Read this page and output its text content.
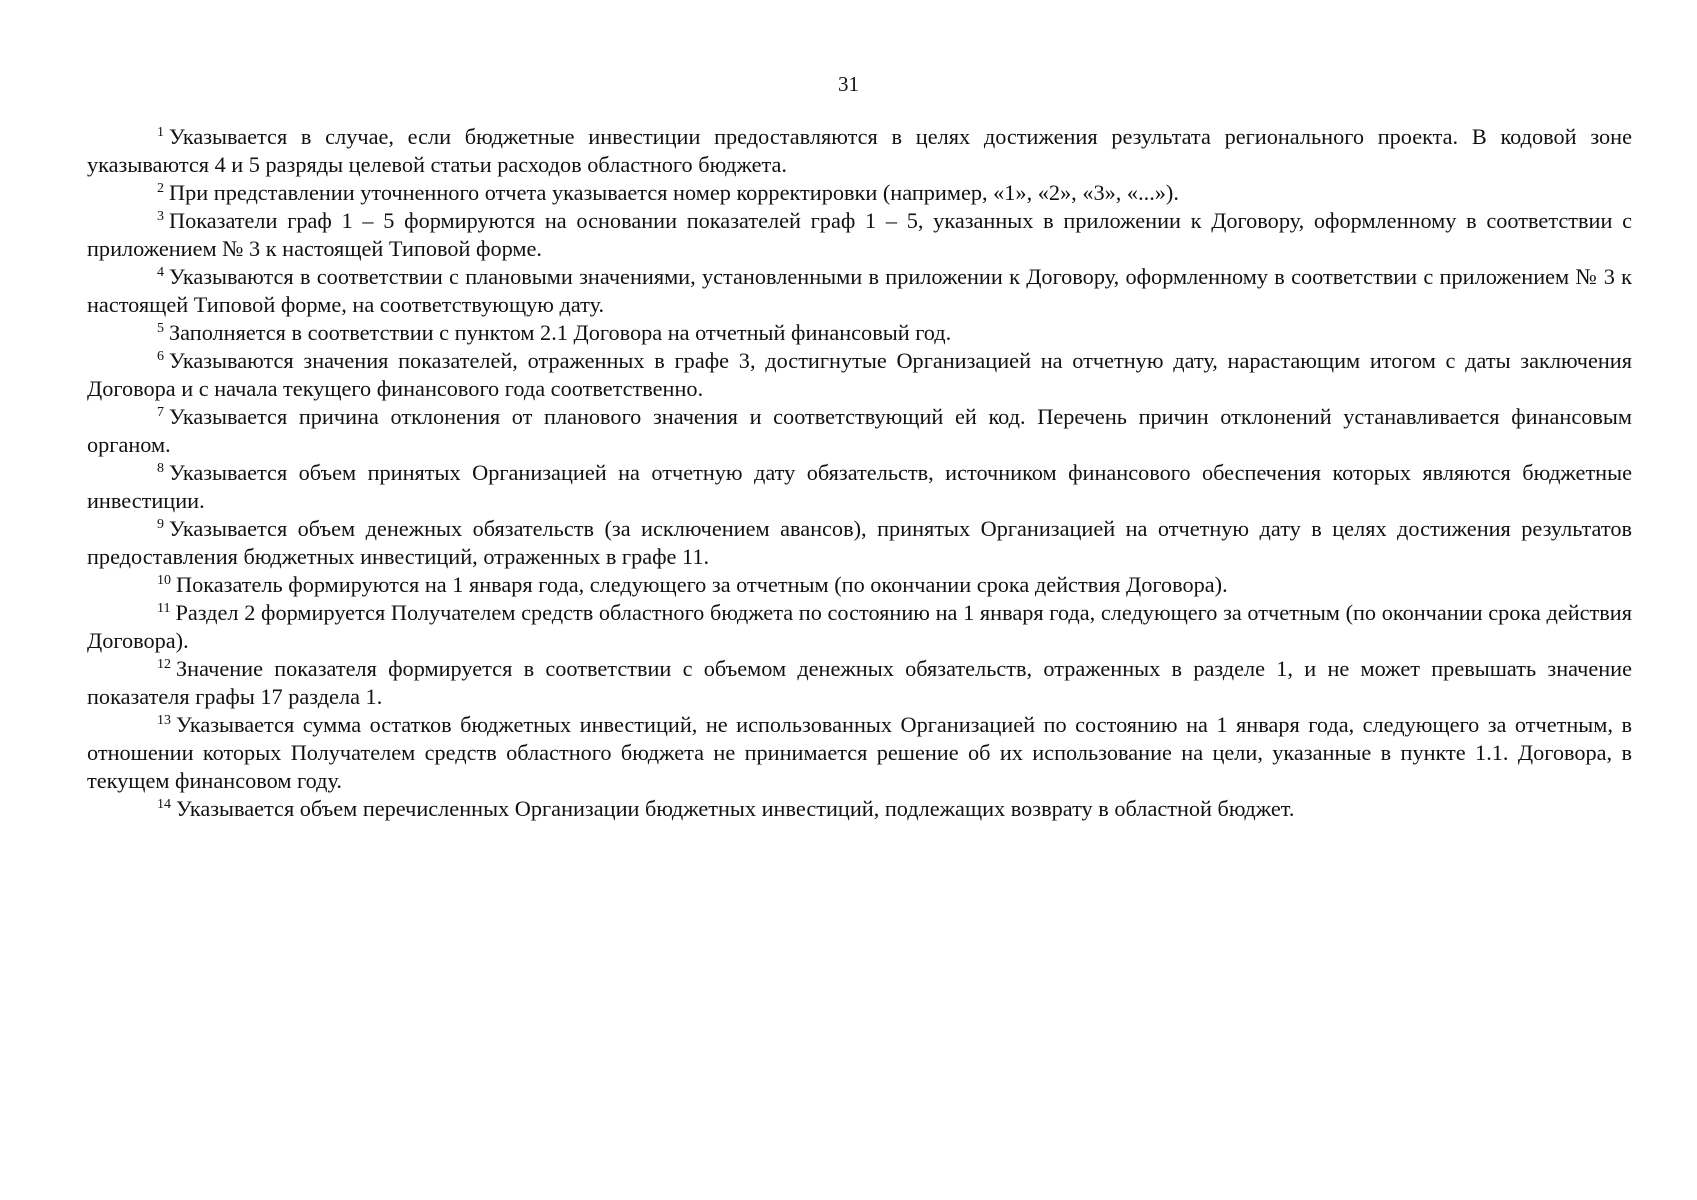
31

$^1$ Указывается в случае, если бюджетные инвестиции предоставляются в целях достижения результата регионального проекта. В кодовой зоне указываются 4 и 5 разряды целевой статьи расходов областного бюджета.

$^2$ При представлении уточненного отчета указывается номер корректировки (например, «1», «2», «3», «...»).

$^3$ Показатели граф 1 – 5 формируются на основании показателей граф 1 – 5, указанных в приложении к Договору, оформленному в соответствии с приложением № 3 к настоящей Типовой форме.

$^4$ Указываются в соответствии с плановыми значениями, установленными в приложении к Договору, оформленному в соответствии с приложением № 3 к настоящей Типовой форме, на соответствующую дату.

$^5$ Заполняется в соответствии с пунктом 2.1 Договора на отчетный финансовый год.

$^6$ Указываются значения показателей, отраженных в графе 3, достигнутые Организацией на отчетную дату, нарастающим итогом с даты заключения Договора и с начала текущего финансового года соответственно.

$^7$ Указывается причина отклонения от планового значения и соответствующий ей код. Перечень причин отклонений устанавливается финансовым органом.

$^8$ Указывается объем принятых Организацией на отчетную дату обязательств, источником финансового обеспечения которых являются бюджетные инвестиции.

$^9$ Указывается объем денежных обязательств (за исключением авансов), принятых Организацией на отчетную дату в целях достижения результатов предоставления бюджетных инвестиций, отраженных в графе 11.

$^{10}$ Показатель формируются на 1 января года, следующего за отчетным (по окончании срока действия Договора).

$^{11}$ Раздел 2 формируется Получателем средств областного бюджета по состоянию на 1 января года, следующего за отчетным (по окончании срока действия Договора).

$^{12}$ Значение показателя формируется в соответствии с объемом денежных обязательств, отраженных в разделе 1, и не может превышать значение показателя графы 17 раздела 1.

$^{13}$ Указывается сумма остатков бюджетных инвестиций, не использованных Организацией по состоянию на 1 января года, следующего за отчетным, в отношении которых Получателем средств областного бюджета не принимается решение об их использование на цели, указанные в пункте 1.1. Договора, в текущем финансовом году.

$^{14}$ Указывается объем перечисленных Организации бюджетных инвестиций, подлежащих возврату в областной бюджет.
